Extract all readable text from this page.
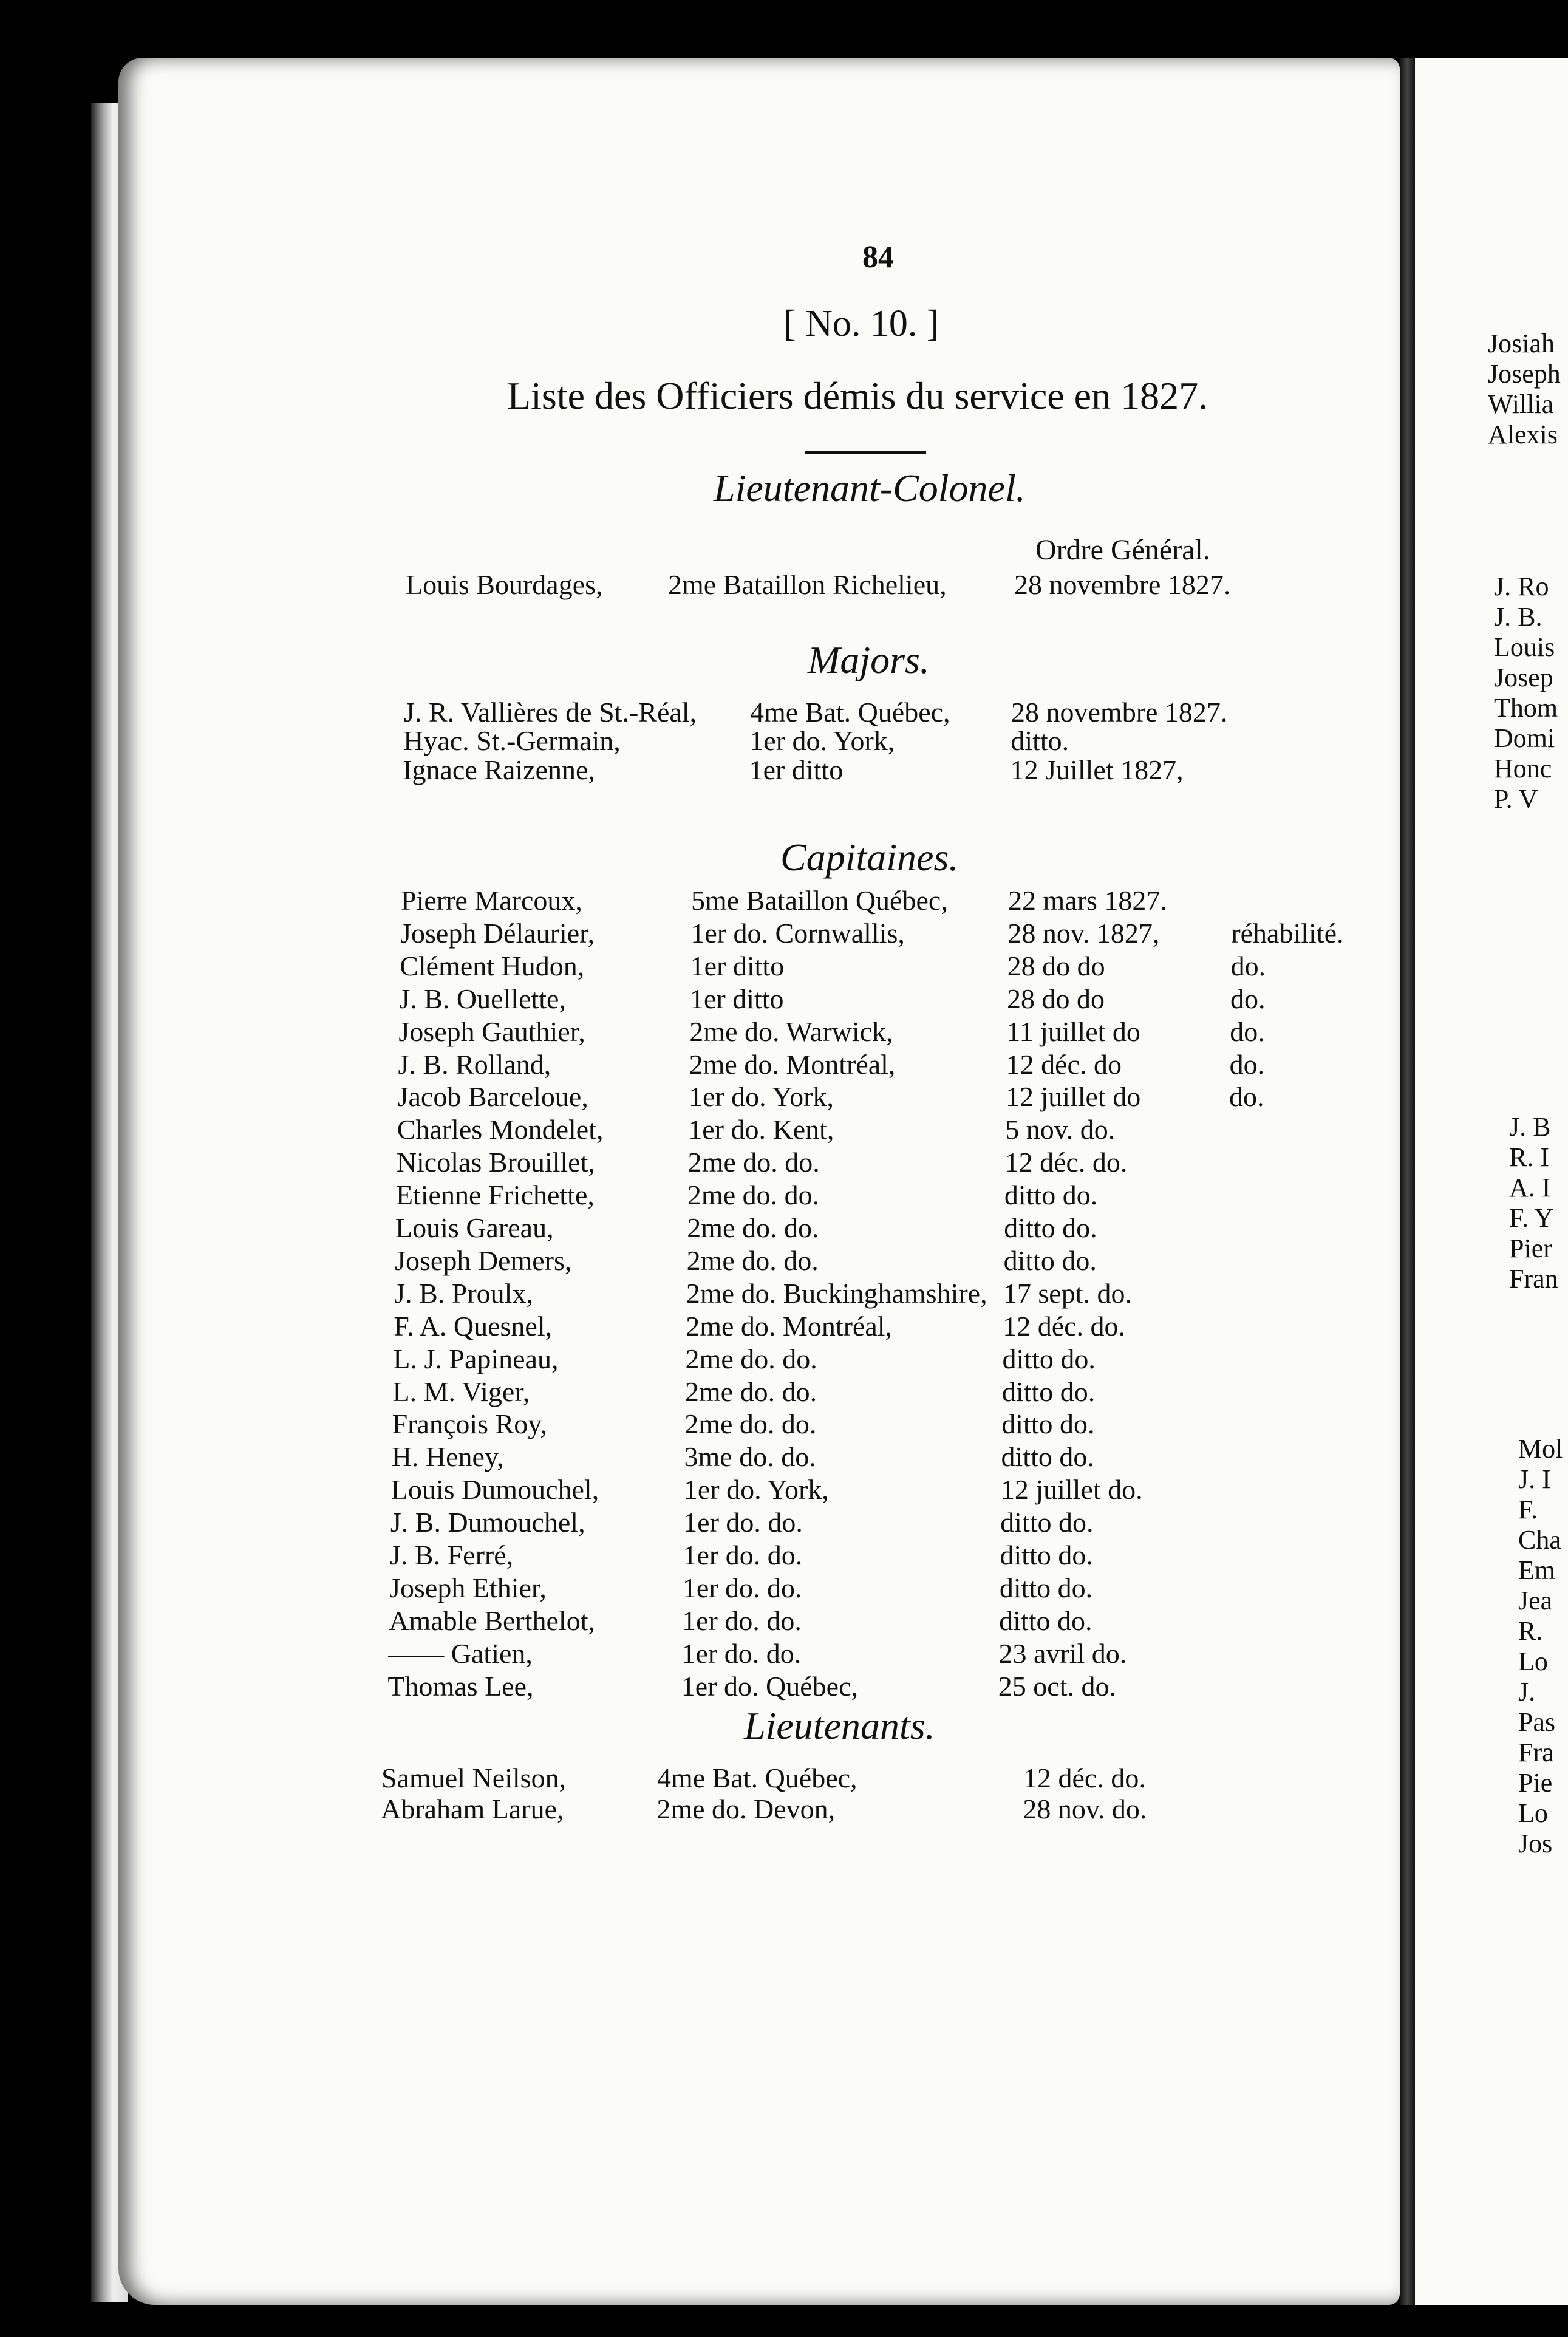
84
[ No. 10. ]
Liste des Officiers démis du service en 1827.
Lieutenant-Colonel.
Ordre Général.
Majors.
Capitaines.
Lieutenants.
Louis Bourdages, 2me Bataillon Richelieu, 28 novembre 1827.
J. R. Vallières de St.-Réal, 4me Bat. Québec, 28 novembre 1827.
Hyac. St.-Germain,	1er do. York,	ditto.
Ignace Raizenne,	1er ditto	12 Juillet 1827,
Pierre Marcoux,	5me Bataillon Québec, 22 mars 1827.
Joseph Délaurier,	1er do. Cornwallis,	28 nov. 1827,	réhabilité.
Clément Hudon,	1er ditto	28 do do	do.
J. B. Ouellette,	1er ditto	28 do do	do.
Joseph Gauthier,	2me do. Warwick,	11 juillet do	do.
J. B. Rolland,	2me do. Montréal,	12 déc. do	do.
Jacob Barceloue,	1er do. York,	12 juillet do	do.
Charles Mondelet,	1er do. Kent,	5 nov. do.
Nicolas Brouillet,	2me do. do.	12 déc. do.
Etienne Frichette,	2me do. do.	ditto do.
Louis Gareau,	2me do. do.	ditto do.
Joseph Demers,	2me do. do.	ditto do.
J. B. Proulx,	2me do. Buckinghamshire, 17 sept. do.
F. A. Quesnel,	2me do. Montréal,	12 déc. do.
L. J. Papineau,	2me do. do.	ditto do.
L. M. Viger,	2me do. do.	ditto do.
François Roy,	2me do. do.	ditto do.
H. Heney,	3me do. do.	ditto do.
Louis Dumouchel,	1er do. York,	12 juillet do.
J. B. Dumouchel,	1er do. do.	ditto do.
J. B. Ferré,	1er do. do.	ditto do.
Joseph Ethier,	1er do. do.	ditto do.
Amable Berthelot,	1er do. do.	ditto do.
—— Gatien,	1er do. do.	23 avril do.
Thomas Lee,	1er do. Québec,	25 oct. do.
Samuel Neilson,	4me Bat. Québec,	12 déc. do.
Abraham Larue,	2me do. Devon,	28 nov. do.
Josiah
Joseph
Willia
Alexis
J. Ro
J. B.
Louis
Josep
Thom
Domi
Honc
P. V
J. B
R. I
A. I
F. Y
Pier
Fran
Mol
J. I
F.
Cha
Em
Jea
R.
Lo
J.
Pas
Fra
Pie
Lo
Jos
